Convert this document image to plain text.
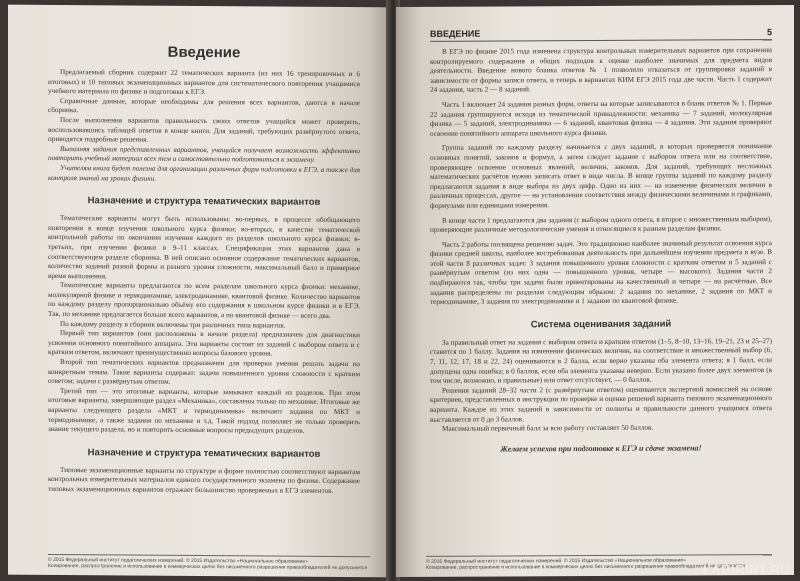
Введение

Предлагаемый сборник содержит 22 тематических варианта (из них 16 тренировочных и 6 итоговых) и 10 типовых экзаменационных вариантов для систематического повторения учащимися учебного материала по физике и подготовки к ЕГЭ.

Справочные данные, которые необходимы для решения всех вариантов, даются в начале сборника.

После выполнения вариантов правильность своих ответов учащийся может проверить, воспользовавшись таблицей ответов в конце книги. Для заданий, требующих развёрнутого ответа, приводятся подробные решения.

Выполняя задания представленных вариантов, учащийся получает возможность эффективно повторить учебный материал всех тем и самостоятельно подготовиться к экзамену.

Учителям книга будет полезна для организации различных форм подготовки к ЕГЭ, а также для контроля знаний на уроках физики.

Назначение и структура тематических вариантов

Тематические варианты могут быть использованы: во-первых, в процессе обобщающего повторения в конце изучения школьного курса физики; во-вторых, в качестве тематической контрольной работы по окончании изучения каждого из разделов школьного курса физики; в-третьих, при изучении физики в 9–11 классах. Спецификация этих вариантов дана в соответствующем разделе сборника. В ней описано основное содержание тематических вариантов, количество заданий разной формы и разного уровня сложности, максимальный балл и примерное время выполнения.

Тематические варианты предлагаются по всем разделам школьного курса физики: механике, молекулярной физике и термодинамике, электродинамике, квантовой физике. Количество вариантов по каждому разделу пропорционально объёму его содержания в школьном курсе физики и в ЕГЭ. Так, по механике предлагается больше всего вариантов, а по квантовой физике — всего два.

По каждому разделу в сборник включены три различных типа вариантов.

Первый тип вариантов (они расположены в начале раздела) предназначен для диагностики усвоения основного понятийного аппарата. Эти варианты состоят из заданий с выбором ответа и с кратким ответом, включают преимущественно вопросы базового уровня.

Второй тип тематических вариантов предназначен для проверки умения решать задачи по конкретным темам. Такие варианты содержат: задачи повышенного уровня сложности с кратким ответом; задачи с развёрнутым ответом.

Третий тип — это итоговые варианты, которые замыкают каждый из разделов. При этом итоговые варианты, завершающие раздел «Механика», составлены только по механике. Итоговые же варианты следующего раздела «МКТ и термодинамика» включают задания по МКТ и термодинамике, а также задания по механике и т.д. Такой подход позволяет не только проверить знание текущего раздела, но и повторить основные вопросы предыдущих разделов.

Назначение и структура тематических вариантов

Типовые экзаменационные варианты по структуре и форме полностью соответствуют вариантам контрольных измерительных материалов единого государственного экзамена по физике. Содержание типовых экзаменационных вариантов отражает большинство проверяемых в ЕГЭ элементов.

© 2015 Федеральный институт педагогических измерений. © 2015 Издательство «Национальное образование»
Копирование, распространение и использование в коммерческих целях без письменного разрешения правообладателей не допускается
ВВЕДЕНИЕ	5

В ЕГЭ по физике 2015 года изменена структура контрольных измерительных вариантов при сохранении контролируемого содержания и общих подходов к оценке наиболее значимых для предмета видов деятельности. Введение нового бланка ответов № 1 позволило отказаться от группировки заданий в зависимости от формы записи ответа, и теперь в вариантах КИМ ЕГЭ 2015 года две части. Часть 1 содержит 24 задания, часть 2 — 8 заданий.

Часть 1 включает 24 задания разных форм, ответы на которые записываются в бланк ответов № 1. Первые 22 задания группируются исходя из тематической принадлежности: механика — 7 заданий, молекулярная физика — 5 заданий, электродинамика — 6 заданий, квантовая физика — 4 задания. Эти задания проверяют освоение понятийного аппарата школьного курса физики.

Группа заданий по каждому разделу начинается с двух заданий, в которых проверяется понимание основных понятий, законов и формул, а затем следует задание с выбором ответа или на соответствие, проверяющее освоение основных явлений, величин, законов. Для заданий, требующих несложных математических расчётов нужно записать ответ в виде числа. В конце группы заданий по каждому разделу предлагаются задания в виде выбора из двух цифр. Одно из них — на изменение физических величин в различных процессах, другое — на установление соответствия между физическими величинами и графиками, формулами или единицами измерения.

В конце части 1 предлагаются два задания (с выбором одного ответа, в второе с множественным выбором), проверяющие различные методологические умения и относящиеся к разным разделам физики.

Часть 2 работы посвящена решению задач. Это традиционно наиболее значимый результат освоения курса физики средней школы, наиболее востребованная деятельность при дальнейшем изучении предмета в вузе. В этой части 8 различных задач: 3 задания повышенного уровня сложности с кратким ответом и 5 заданий с развёрнутым ответом (из них одна — повышенного уровня, четыре — высокого). Задания части 2 подбираются так, чтобы три задачи были ориентированы на качественный и четыре — на расчётные. Все задания распределены по разделам следующим образом: 2 задания по механике, 2 задания по МКТ и термодинамике, 3 задания по электродинамике и 1 задание по квантовой физике.

Система оценивания заданий

За правильный ответ на задания с выбором ответа и кратким ответом (1–5, 8–10, 13–16, 19–21, 23 и 25–27) ставится по 1 баллу. Задания на изменение физических величин, на соответствие и множественный выбор (6, 7, 11, 12, 17, 18 и 22, 24) оцениваются в 2 балла, если верно указаны оба элемента ответа; в 1 балл, если допущена одна ошибка; в 0 баллов, если оба элемента указаны неверно. Если указано более двух элементов (в том числе, возможно, и правильные) или ответ отсутствует, — 0 баллов.

Решения заданий 28–32 части 2 (с развёрнутым ответом) оцениваются экспертной комиссией на основе критериев, представленных в инструкции по проверке и оценке решений варианта типового экзаменационного варианта. Каждое из этих заданий в зависимости от полноты и правильности данного учащимся ответа выставляется от 0 до 3 баллов.

Максимальный первичный балл за всю работу составляет 50 баллов.

Желаем успехов при подготовке к ЕГЭ и сдаче экзамена!

© 2015 Федеральный институт педагогических измерений. © 2015 Издательство «Национальное образование»
Копирование, распространение и использование в коммерческих целях без письменного разрешения правообладателей не допускается
LABIRINT.RU
